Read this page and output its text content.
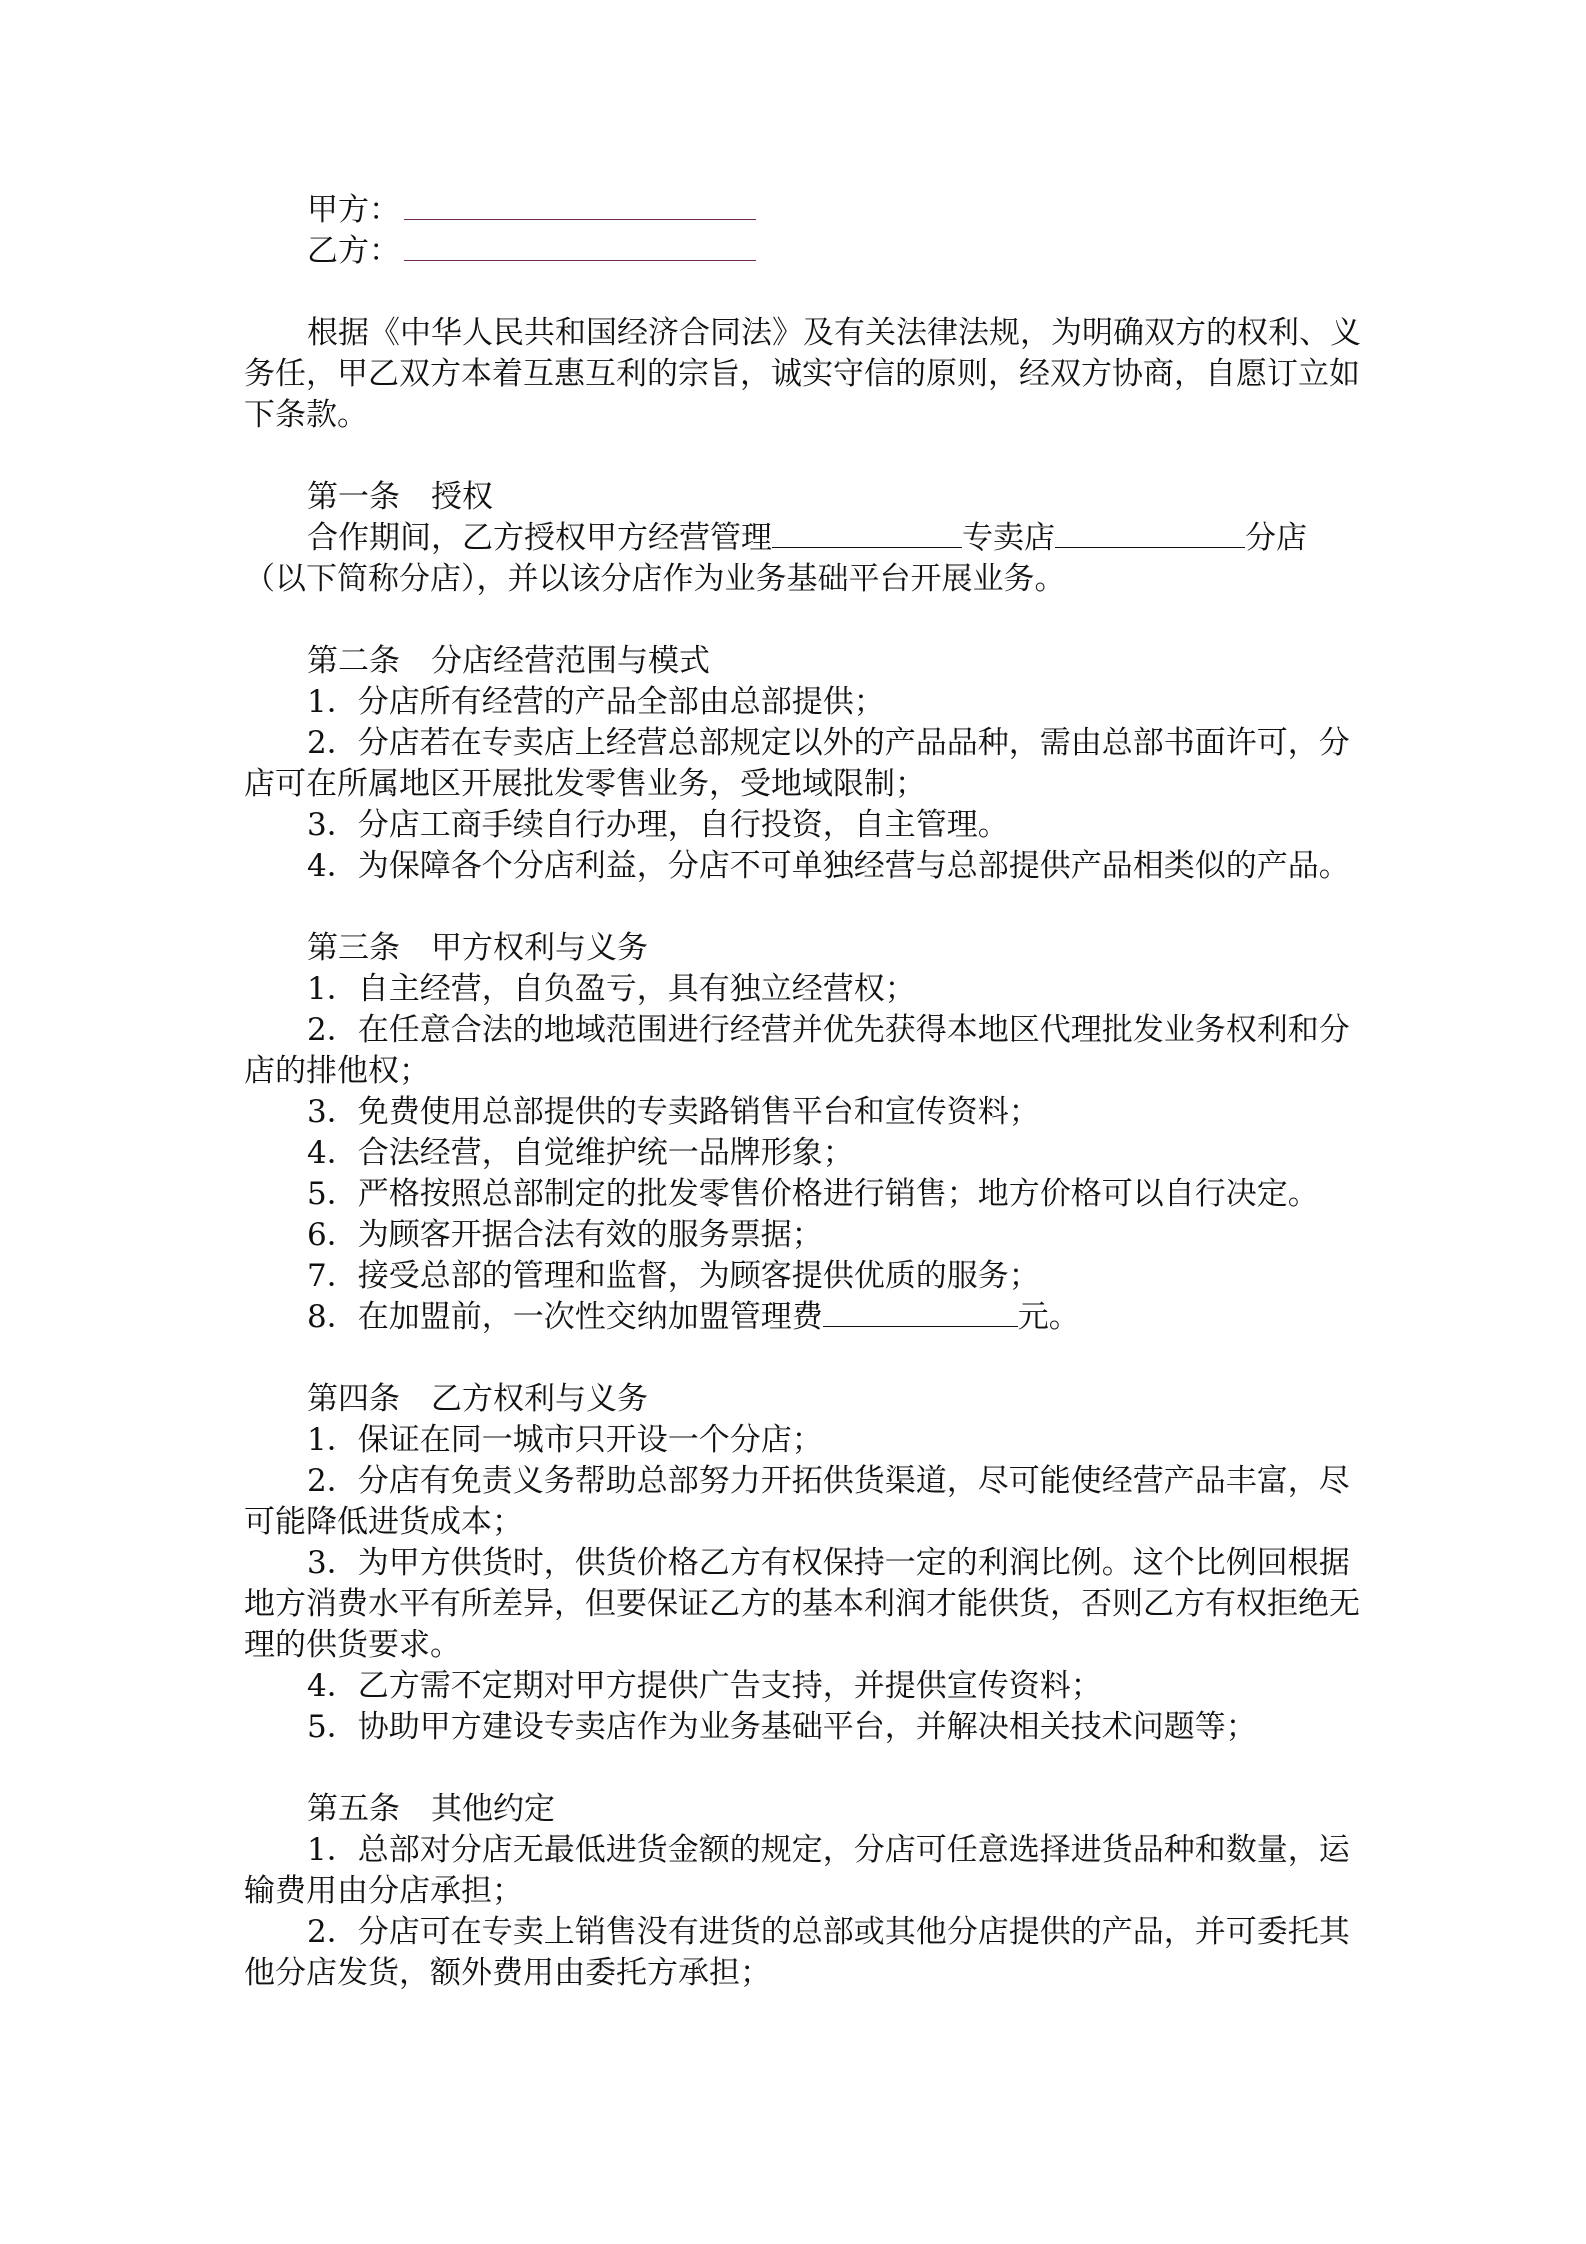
甲方：
乙方：

根据《中华人民共和国经济合同法》及有关法律法规，为明确双方的权利、义务任，甲乙双方本着互惠互利的宗旨，诚实守信的原则，经双方协商，自愿订立如下条款。

第一条　授权

合作期间，乙方授权甲方经营管理	专卖店	分店（以下简称分店），并以该分店作为业务基础平台开展业务。

第二条　分店经营范围与模式

1．分店所有经营的产品全部由总部提供；

2．分店若在专卖店上经营总部规定以外的产品品种，需由总部书面许可，分店可在所属地区开展批发零售业务，受地域限制；

3．分店工商手续自行办理，自行投资，自主管理。

4．为保障各个分店利益，分店不可单独经营与总部提供产品相类似的产品。

第三条　甲方权利与义务

1．自主经营，自负盈亏，具有独立经营权；

2．在任意合法的地域范围进行经营并优先获得本地区代理批发业务权利和分店的排他权；

3．免费使用总部提供的专卖路销售平台和宣传资料；

4．合法经营，自觉维护统一品牌形象；

5．严格按照总部制定的批发零售价格进行销售；地方价格可以自行决定。

6．为顾客开据合法有效的服务票据；

7．接受总部的管理和监督，为顾客提供优质的服务；

8．在加盟前，一次性交纳加盟管理费	元。

第四条　乙方权利与义务

1．保证在同一城市只开设一个分店；

2．分店有免责义务帮助总部努力开拓供货渠道，尽可能使经营产品丰富，尽可能降低进货成本；

3．为甲方供货时，供货价格乙方有权保持一定的利润比例。这个比例回根据地方消费水平有所差异，但要保证乙方的基本利润才能供货，否则乙方有权拒绝无理的供货要求。

4．乙方需不定期对甲方提供广告支持，并提供宣传资料；

5．协助甲方建设专卖店作为业务基础平台，并解决相关技术问题等；

第五条　其他约定

1．总部对分店无最低进货金额的规定，分店可任意选择进货品种和数量，运输费用由分店承担；

2．分店可在专卖上销售没有进货的总部或其他分店提供的产品，并可委托其他分店发货，额外费用由委托方承担；
